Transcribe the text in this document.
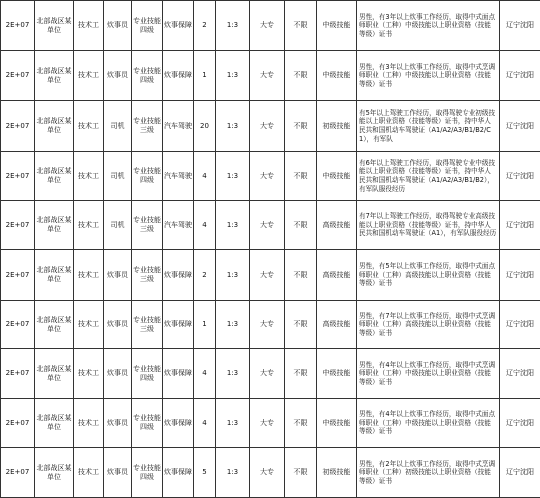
2E+07	北部战区某单位	技术工	炊事员	专业技能四级	炊事保障	2	1:3	大专	不限	中级技能	男性，有3年以上炊事工作经历，取得中式面点师职业（工种）中级技能以上职业资格（技能等级）证书	辽宁沈阳
2E+07	北部战区某单位	技术工	炊事员	专业技能四级	炊事保障	1	1:3	大专	不限	中级技能	男性，有3年以上炊事工作经历，取得中式烹调师职业（工种）中级技能以上职业资格（技能等级）证书	辽宁沈阳
2E+07	北部战区某单位	技术工	司机	专业技能三级	汽车驾驶	20	1:3	大专	不限	初级技能	有5年以上驾驶工作经历，取得驾驶专业初级技能以上职业资格（技能等级）证书，持中华人民共和国机动车驾驶证（A1/A2/A3/B1/B2/C1），有军队	辽宁沈阳
2E+07	北部战区某单位	技术工	司机	专业技能四级	汽车驾驶	4	1:3	大专	不限	中级技能	有6年以上驾驶工作经历，取得驾驶专业中级技能以上职业资格（技能等级）证书，持中华人民共和国机动车驾驶证（A1/A2/A3/B1/B2），有军队服役经历	辽宁沈阳
2E+07	北部战区某单位	技术工	司机	专业技能三级	汽车驾驶	4	1:3	大专	不限	高级技能	有7年以上驾驶工作经历，取得驾驶专业高级技能以上职业资格（技能等级）证书，持中华人民共和国机动车驾驶证（A1），有军队服役经历	辽宁沈阳
2E+07	北部战区某单位	技术工	炊事员	专业技能三级	炊事保障	2	1:3	大专	不限	高级技能	男性，有5年以上炊事工作经历，取得中式面点师职业（工种）高级技能以上职业资格（技能等级）证书	辽宁沈阳
2E+07	北部战区某单位	技术工	炊事员	专业技能三级	炊事保障	1	1:3	大专	不限	高级技能	男性，有7年以上炊事工作经历，取得中式烹调师职业（工种）高级技能以上职业资格（技能等级）证书	辽宁沈阳
2E+07	北部战区某单位	技术工	炊事员	专业技能四级	炊事保障	4	1:3	大专	不限	中级技能	男性，有4年以上炊事工作经历，取得中式烹调师职业（工种）中级技能以上职业资格（技能等级）证书	辽宁沈阳
2E+07	北部战区某单位	技术工	炊事员	专业技能四级	炊事保障	4	1:3	大专	不限	中级技能	男性，有4年以上炊事工作经历，取得中式面点师职业（工种）中级技能以上职业资格（技能等级）证书	辽宁沈阳
2E+07	北部战区某单位	技术工	炊事员	专业技能四级	炊事保障	5	1:3	大专	不限	初级技能	男性，有2年以上炊事工作经历，取得中式烹调师职业（工种）初级技能以上职业资格（技能等级）证书	辽宁沈阳
